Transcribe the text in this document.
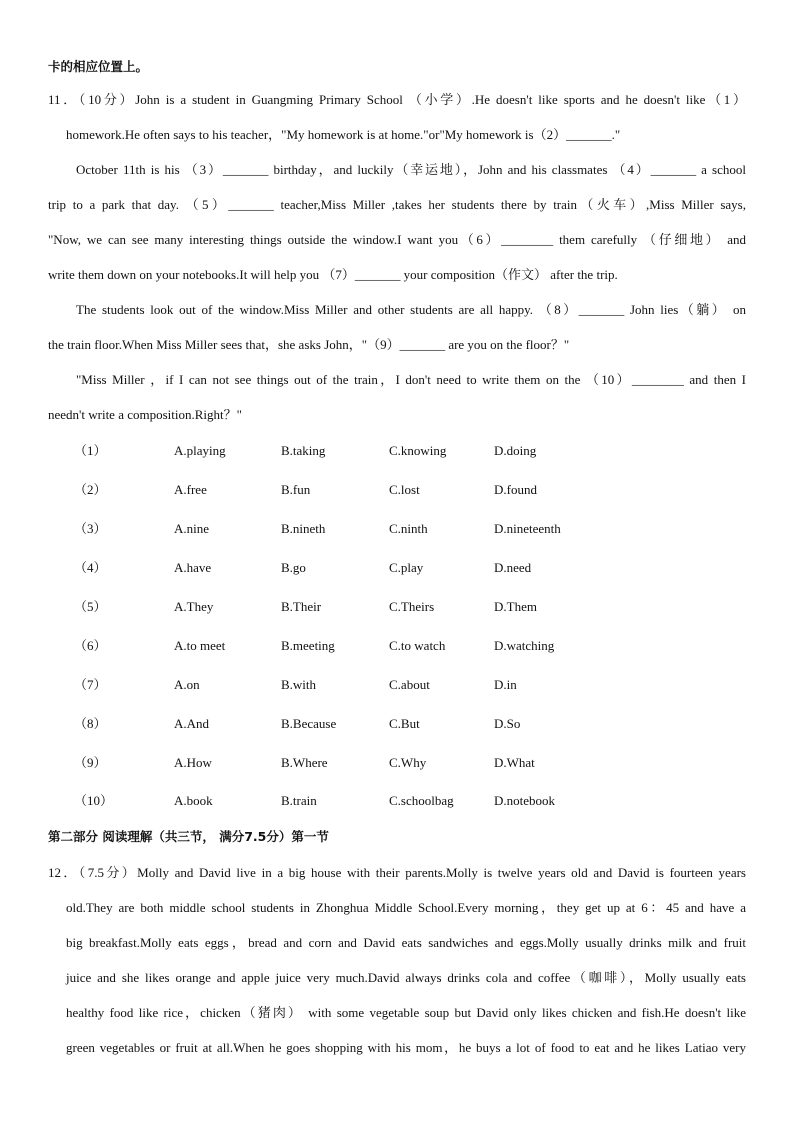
卡的相应位置上。
11．（10分）John is a student in Guangming Primary School （小学）.He doesn't like sports and he doesn't like（1）
homework.He often says to his teacher，"My homework is at home."or"My homework is（2）_______."
October 11th is his （3）_______ birthday，and luckily（幸运地），John and his classmates （4）_______ a school
trip to a park that day. （5）_______ teacher,Miss Miller ,takes her students there by train（火车）,Miss Miller says,
"Now, we can see many interesting things outside the window.I want you（6）________ them carefully （仔细地） and
write them down on your notebooks.It will help you （7）_______ your composition（作文） after the trip.
The students look out of the window.Miss Miller and other students are all happy. （8）_______ John lies（躺） on
the train floor.When Miss Miller sees that，she asks John，"（9）_______ are you on the floor？"
"Miss Miller ，if I can not see things out of the train，I don't need to write them on the （10）________ and then I
needn't write a composition.Right？"
（1）	A.playing	B.taking	C.knowing	D.doing
（2）	A.free	B.fun	C.lost	D.found
（3）	A.nine	B.nineth	C.ninth	D.nineteenth
（4）	A.have	B.go	C.play	D.need
（5）	A.They	B.Their	C.Theirs	D.Them
（6）	A.to meet	B.meeting	C.to watch	D.watching
（7）	A.on	B.with	C.about	D.in
（8）	A.And	B.Because	C.But	D.So
（9）	A.How	B.Where	C.Why	D.What
（10）	A.book	B.train	C.schoolbag	D.notebook
第二部分 阅读理解（共三节， 满分7.5分）第一节
12．（7.5分）Molly and David live in a big house with their parents.Molly is twelve years old and David is fourteen years
old.They are both middle school students in Zhonghua Middle School.Every morning，they get up at 6：45 and have a
big breakfast.Molly eats eggs，bread and corn and David eats sandwiches and eggs.Molly usually drinks milk and fruit
juice and she likes orange and apple juice very much.David always drinks cola and coffee（咖啡），Molly usually eats
healthy food like rice，chicken（猪肉） with some vegetable soup but David only likes chicken and fish.He doesn't like
green vegetables or fruit at all.When he goes shopping with his mom，he buys a lot of food to eat and he likes Latiao very
